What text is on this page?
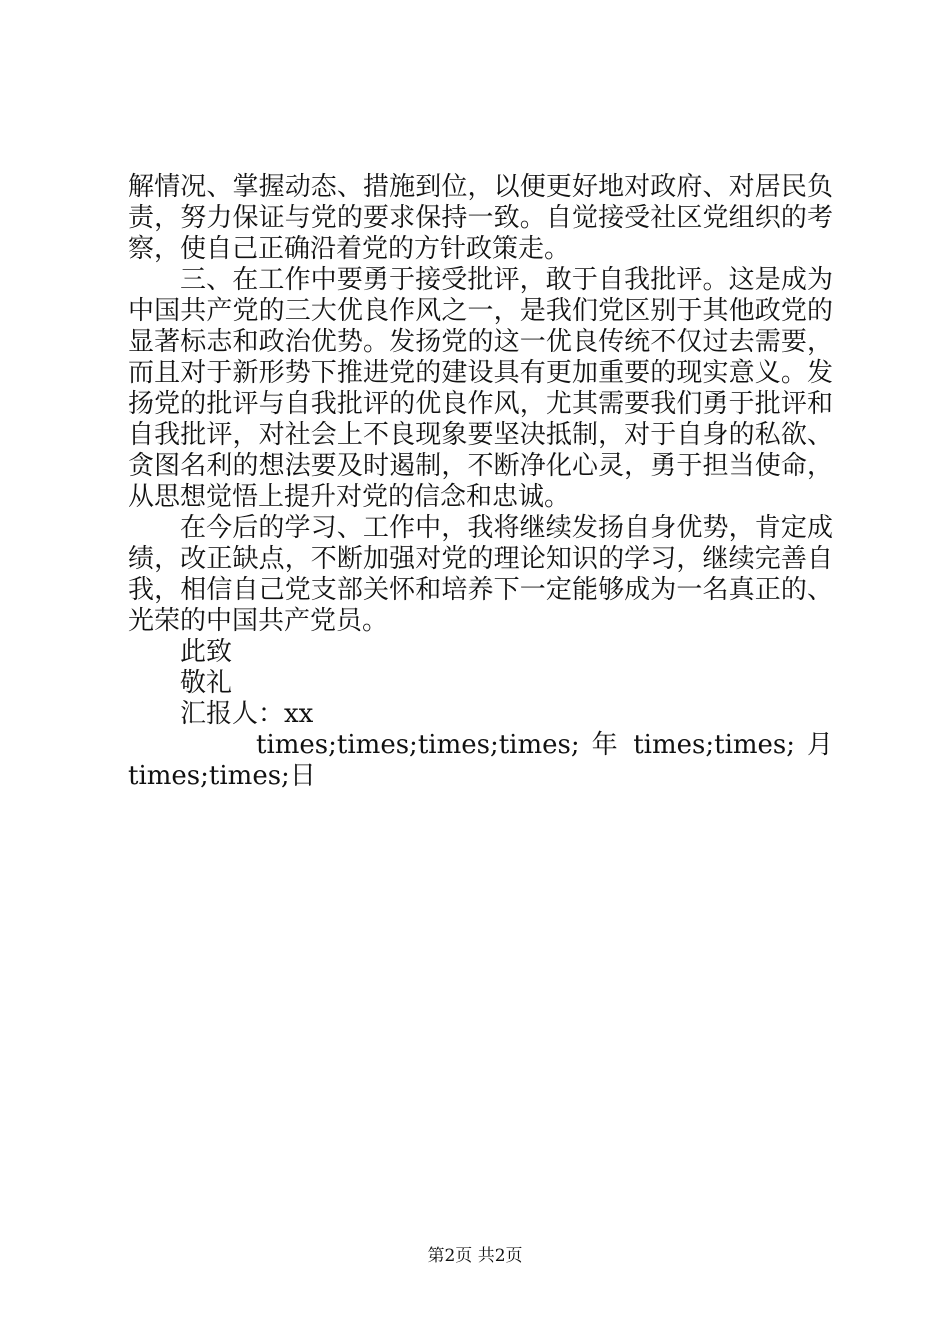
解情况、掌握动态、措施到位，以便更好地对政府、对居民负
责，努力保证与党的要求保持一致。自觉接受社区党组织的考
察，使自己正确沿着党的方针政策走。
三、在工作中要勇于接受批评，敢于自我批评。这是成为
中国共产党的三大优良作风之一，是我们党区别于其他政党的
显著标志和政治优势。发扬党的这一优良传统不仅过去需要，
而且对于新形势下推进党的建设具有更加重要的现实意义。发
扬党的批评与自我批评的优良作风，尤其需要我们勇于批评和
自我批评，对社会上不良现象要坚决抵制，对于自身的私欲、
贪图名利的想法要及时遏制，不断净化心灵，勇于担当使命，
从思想觉悟上提升对党的信念和忠诚。
在今后的学习、工作中，我将继续发扬自身优势，肯定成
绩，改正缺点，不断加强对党的理论知识的学习，继续完善自
我，相信自己党支部关怀和培养下一定能够成为一名真正的、
光荣的中国共产党员。
此致
敬礼
汇报人：xx
times;times;times;times; 年 times;times; 月
times;times;日
第2页 共2页
